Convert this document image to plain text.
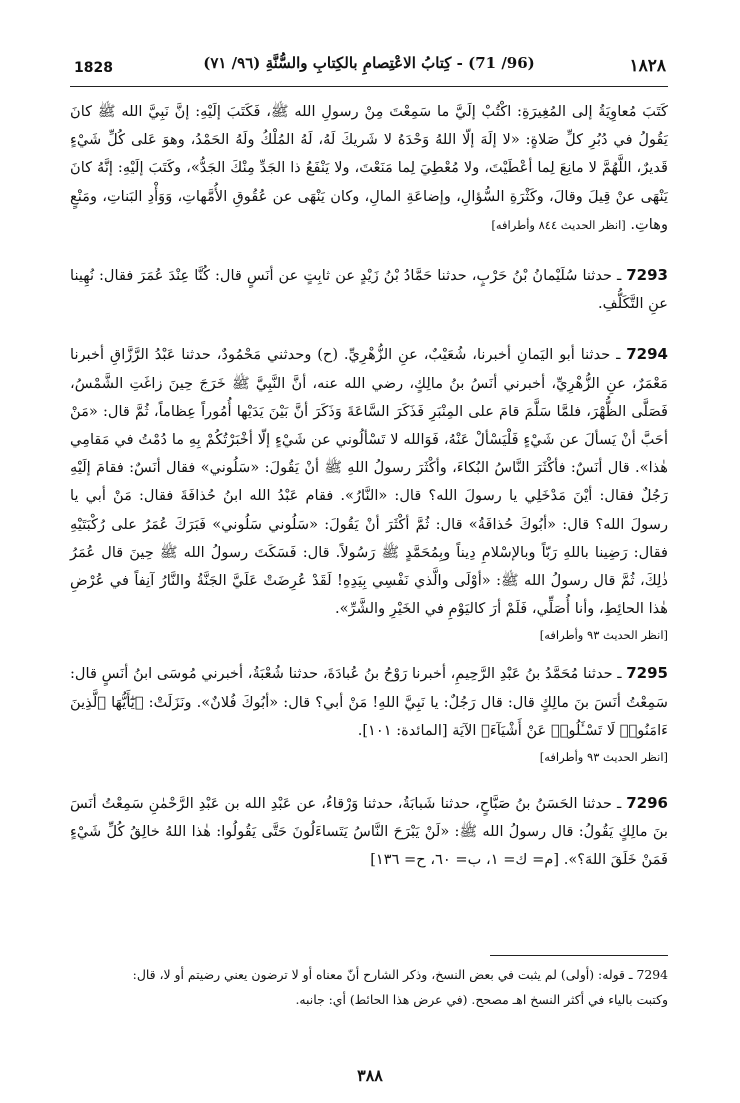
1828	(96/ 71) - كِتابُ الاعْتِصامِ بالكِتابِ والسُّنَّةِ (٩٦/ ٧١)	١٨٢٨

كَتَبَ مُعاوِيَةُ إلى المُغِيرَةِ: اكْتُبْ إلَيَّ ما سَمِعْتَ مِنْ رسولِ الله ﷺ، فَكَتَبَ إلَيْهِ: إنَّ نَبِيَّ الله ﷺ كانَ يَقُولُ في دُبُرِ كلِّ صَلاةٍ: «لا إلَهَ إلّا اللهُ وَحْدَهُ لا شَريكَ لَهُ، لَهُ المُلْكُ ولَهُ الحَمْدُ، وهوَ عَلى كُلِّ شَيْءٍ قَديرٌ، اللَّهُمَّ لا مانِعَ لِما أعْطَيْتَ، ولا مُعْطِيَ لِما مَنَعْتَ، ولا يَنْفَعُ ذا الجَدِّ مِنْكَ الجَدُّ»، وكَتَبَ إلَيْهِ: إنَّهُ كانَ يَنْهَى عنْ قِيلَ وقالَ، وكَثْرَةِ السُّؤالِ، وإضاعَةِ المالِ، وكان يَنْهَى عن عُقُوقِ الأُمَّهاتِ، وَوَأْدِ البَناتِ، ومَنْعٍ وهاتِ. [انظر الحديث ٨٤٤ وأطرافه]

7293 ـ حدثنا سُلَيْمانُ بْنُ حَرْبٍ، حدثنا حَمَّادُ بْنُ زَيْدٍ عن ثابِتٍ عن أنَسٍ قال: كُنَّا عِنْدَ عُمَرَ فقال: نُهِينا عنِ التَّكَلُّفِ.

7294 ـ حدثنا أبو اليَمانِ أخبرنا، شُعَيْبٌ، عنِ الزُّهْرِيِّ. (ح) وحدثني مَحْمُودٌ، حدثنا عَبْدُ الرَّزَّاقِ أخبرنا مَعْمَرٌ، عنِ الزُّهْرِيِّ، أخبرني أنَسُ بنُ مالِكٍ، رضي الله عنه، أنَّ النَّبِيَّ ﷺ خَرَجَ حِينَ زاغَتِ الشَّمْسُ، فَصَلَّى الظُّهْرَ، فلمَّا سَلَّمَ قامَ على المِنْبَرِ فَذَكَرَ السَّاعَةَ وَذَكَرَ أنَّ بَيْنَ يَدَيْها أُمُوراً عِظاماً، ثُمَّ قال: «مَنْ أحَبَّ أنْ يَسألَ عن شَيْءٍ فَلْيَسْألْ عَنْهُ، فَوَالله لا تَسْألُوني عن شَيْءٍ إلّا أخْبَرْتُكُمْ بِهِ ما دُمْتُ في مَقامِي هٰذا». قال أنَسٌ: فأكْثَرَ النَّاسُ البُكاءَ، وأكْثَرَ رسولُ اللهِ ﷺ أنْ يَقُولَ: «سَلُوني» فقال أنَسٌ: فقامَ إلَيْهِ رَجُلٌ فقال: أيْنَ مَدْخَلِي يا رسولَ الله؟ قال: «النَّارُ». فقام عَبْدُ الله ابنُ حُذافَةَ فقال: مَنْ أبي يا رسولَ الله؟ قال: «أبُوكَ حُذافَةُ» قال: ثُمَّ أكْثَرَ أنْ يَقُولَ: «سَلُوني سَلُوني» فَبَرَكَ عُمَرُ على رُكْبَتَيْهِ فقال: رَضِينا باللهِ رَبّاً وبالإسْلامِ دِيناً وبِمُحَمَّدٍ ﷺ رَسُولاً. قال: فَسَكَتَ رسولُ الله ﷺ حِينَ قال عُمَرُ ذٰلِكَ، ثُمَّ قال رسولُ الله ﷺ: «أوْلَى والَّذي نَفْسِي بِيَدِهِ! لَقَدْ عُرِضَتْ عَلَيَّ الجَنَّةُ والنَّارُ آنِفاً في عُرْضِ هٰذا الحائِطِ، وأنا أُصَلِّي، فَلَمْ أرَ كاليَوْمِ في الخَيْرِ والشَّرِّ».

[انظر الحديث ٩٣ وأطرافه]

7295 ـ حدثنا مُحَمَّدُ بنُ عَبْدِ الرَّحِيمِ، أخبرنا رَوْحُ بنُ عُبادَةَ، حدثنا شُعْبَةُ، أخبرني مُوسَى ابنُ أنَسٍ قال: سَمِعْتُ أنَسَ بنَ مالِكٍ قال: قال رَجُلٌ: يا نَبِيَّ اللهِ! مَنْ أبي؟ قال: «أبُوكَ فُلانٌ». ونَزَلَتْ: ﴿يَٰٓأَيُّهَا ٱلَّذِينَ ءَامَنُوا۟ لَا تَسْـَٔلُوا۟ عَنْ أَشْيَآءَ﴾ الآيَة [المائدة: ١٠١].

[انظر الحديث ٩٣ وأطرافه]

7296 ـ حدثنا الحَسَنُ بنُ صَبَّاحٍ، حدثنا شَبابَةُ، حدثنا وَرْقاءُ، عن عَبْدِ الله بن عَبْدِ الرَّحْمٰنِ سَمِعْتُ أنَسَ بنَ مالِكٍ يَقُولُ: قال رسولُ الله ﷺ: «لَنْ يَبْرَحَ النَّاسُ يَتَساءَلُونَ حَتَّى يَقُولُوا: هٰذا اللهُ خالِقُ كُلِّ شَيْءٍ فَمَنْ خَلَقَ اللهَ؟». [م= ك= ١، ب= ٦٠، ح= ١٣٦]

7294 ـ قوله: (أولى) لم يثبت في بعض النسخ، وذكر الشارح أنّ معناه أو لا ترضون يعني رضيتم أو لا، قال:

وكتبت بالياء في أكثر النسخ اهـ مصحح. (في عرض هذا الحائط) أي: جانبه.

٣٨٨
